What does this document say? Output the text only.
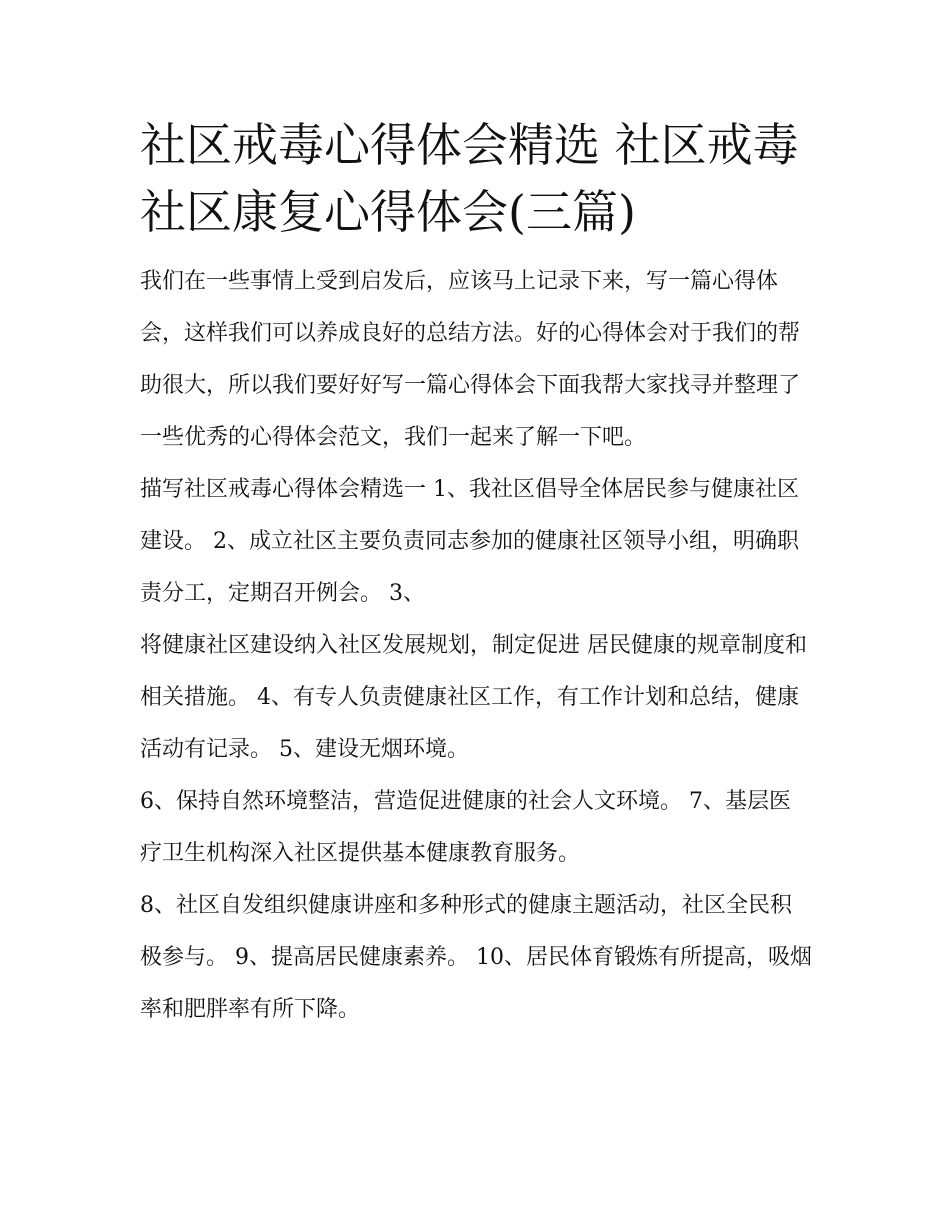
社区戒毒心得体会精选 社区戒毒社区康复心得体会(三篇)

我们在一些事情上受到启发后，应该马上记录下来，写一篇心得体会，这样我们可以养成良好的总结方法。好的心得体会对于我们的帮助很大，所以我们要好好写一篇心得体会下面我帮大家找寻并整理了一些优秀的心得体会范文，我们一起来了解一下吧。

描写社区戒毒心得体会精选一 1、我社区倡导全体居民参与健康社区建设。 2、成立社区主要负责同志参加的健康社区领导小组，明确职责分工，定期召开例会。 3、

将健康社区建设纳入社区发展规划，制定促进 居民健康的规章制度和相关措施。 4、有专人负责健康社区工作，有工作计划和总结，健康活动有记录。 5、建设无烟环境。

6、保持自然环境整洁，营造促进健康的社会人文环境。 7、基层医疗卫生机构深入社区提供基本健康教育服务。

8、社区自发组织健康讲座和多种形式的健康主题活动，社区全民积极参与。 9、提高居民健康素养。 10、居民体育锻炼有所提高，吸烟率和肥胖率有所下降。
